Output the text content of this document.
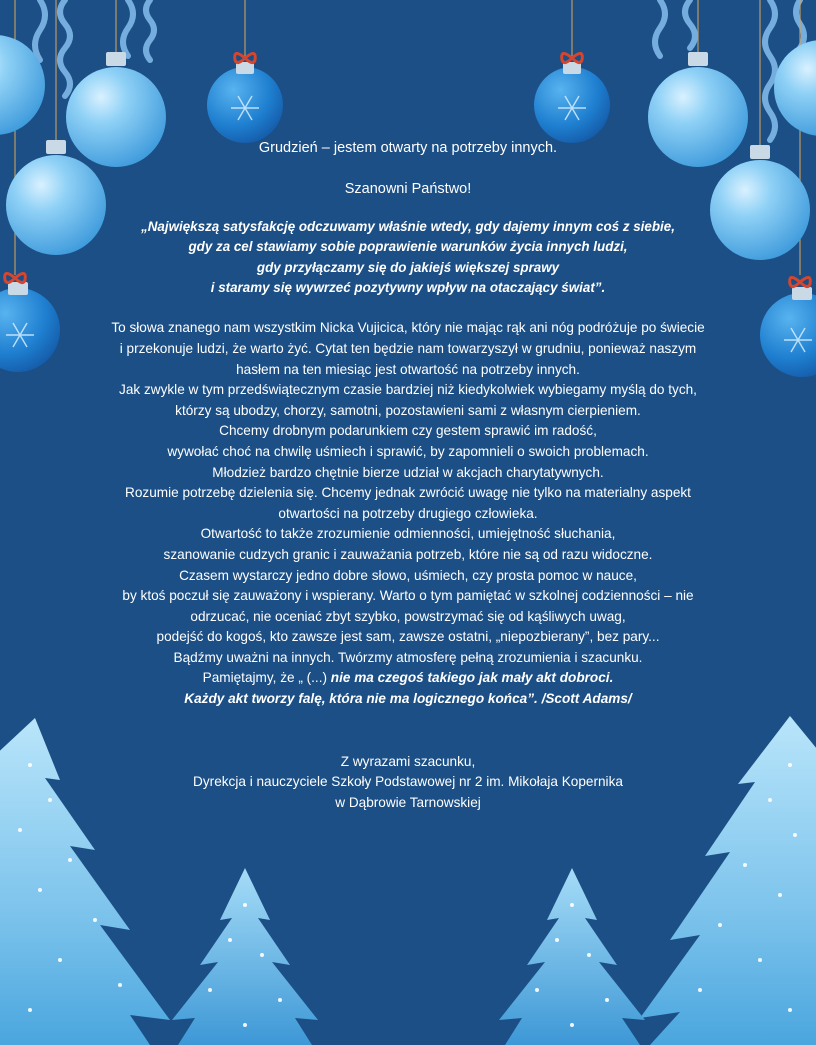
Grudzień – jestem otwarty na potrzeby innych.

Szanowni Państwo!

„Największą satysfakcję odczuwamy właśnie wtedy, gdy dajemy innym coś z siebie,
gdy za cel stawiamy sobie poprawienie warunków życia innych ludzi,
gdy przyłączamy się do jakiejś większej sprawy
i staramy się wywrzeć pozytywny wpływ na otaczający świat”.

To słowa znanego nam wszystkim Nicka Vujicica, który nie mając rąk ani nóg podróżuje po świecie
i przekonuje ludzi, że warto żyć. Cytat ten będzie nam towarzyszył w grudniu, ponieważ naszym
hasłem na ten miesiąc jest otwartość na potrzeby innych.
Jak zwykle w tym przedświątecznym czasie bardziej niż kiedykolwiek wybiegamy myślą do tych,
którzy są ubodzy, chorzy, samotni, pozostawieni sami z własnym cierpieniem.
Chcemy drobnym podarunkiem czy gestem sprawić im radość,
wywołać choć na chwilę uśmiech i sprawić, by zapomnieli o swoich problemach.
Młodzież bardzo chętnie bierze udział w akcjach charytatywnych.
Rozumie potrzebę dzielenia się. Chcemy jednak zwrócić uwagę nie tylko na materialny aspekt
otwartości na potrzeby drugiego człowieka.
Otwartość to także zrozumienie odmienności, umiejętność słuchania,
szanowanie cudzych granic i zauważania potrzeb, które nie są od razu widoczne.
Czasem wystarczy jedno dobre słowo, uśmiech, czy prosta pomoc w nauce,
by ktoś poczuł się zauważony i wspierany. Warto o tym pamiętać w szkolnej codzienności – nie
odrzucać, nie oceniać zbyt szybko, powstrzymać się od kąśliwych uwag,
podejść do kogoś, kto zawsze jest sam, zawsze ostatni, „niepozbierany”, bez pary...
Bądźmy uważni na innych. Twórzmy atmosferę pełną zrozumienia i szacunku.
Pamiętajmy, że „ (...) nie ma czegoś takiego jak mały akt dobroci.
Każdy akt tworzy falę, która nie ma logicznego końca”. /Scott Adams/

Z wyrazami szacunku,
Dyrekcja i nauczyciele Szkoły Podstawowej nr 2 im. Mikołaja Kopernika
w Dąbrowie Tarnowskiej
